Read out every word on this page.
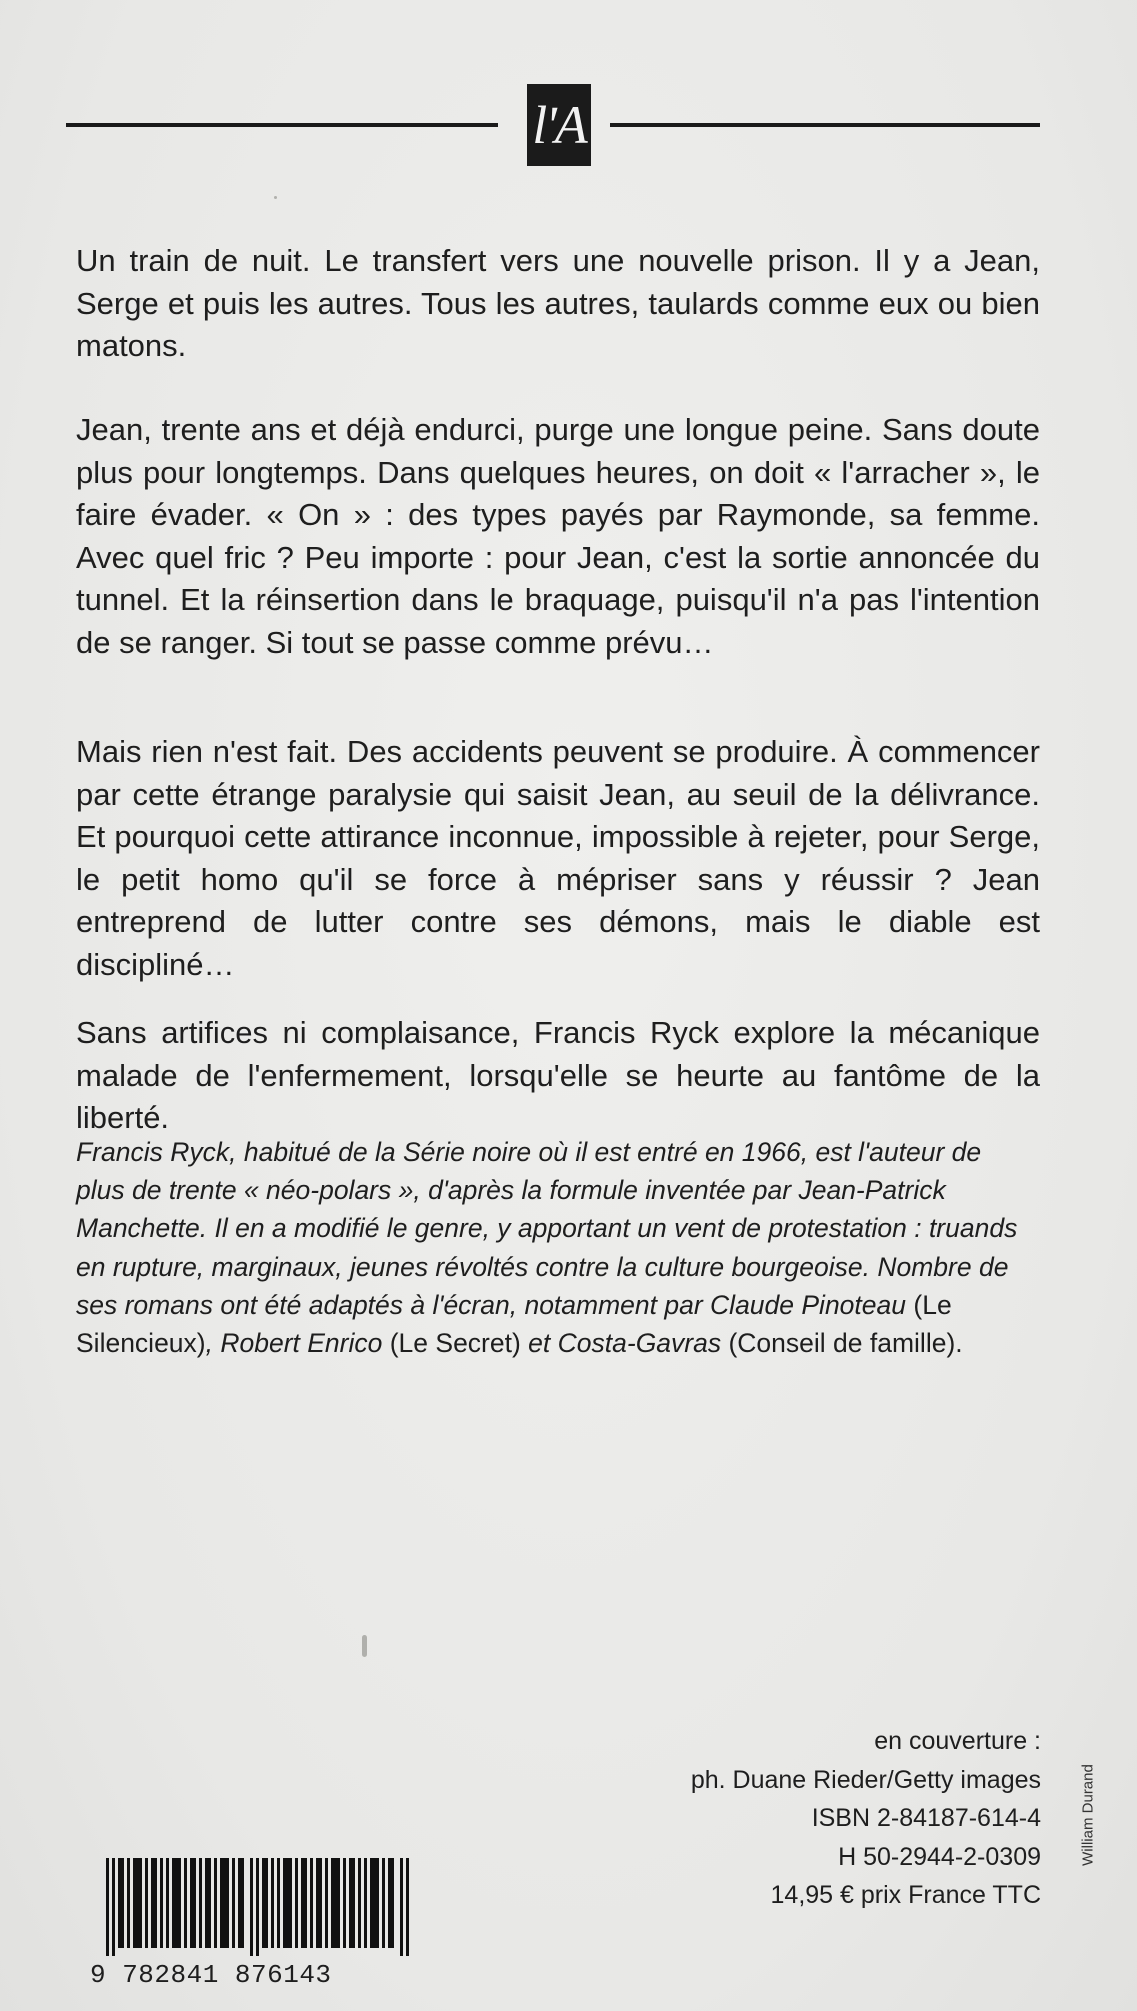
l'A

Un train de nuit. Le transfert vers une nouvelle prison. Il y a Jean, Serge et puis les autres. Tous les autres, taulards comme eux ou bien matons.

Jean, trente ans et déjà endurci, purge une longue peine. Sans doute plus pour longtemps. Dans quelques heures, on doit « l'arracher », le faire évader. « On » : des types payés par Raymonde, sa femme. Avec quel fric ? Peu importe : pour Jean, c'est la sortie annoncée du tunnel. Et la réinsertion dans le braquage, puisqu'il n'a pas l'intention de se ranger. Si tout se passe comme prévu…

Mais rien n'est fait. Des accidents peuvent se produire. À commencer par cette étrange paralysie qui saisit Jean, au seuil de la délivrance. Et pourquoi cette attirance inconnue, impossible à rejeter, pour Serge, le petit homo qu'il se force à mépriser sans y réussir ? Jean entreprend de lutter contre ses démons, mais le diable est discipliné…

Sans artifices ni complaisance, Francis Ryck explore la mécanique malade de l'enfermement, lorsqu'elle se heurte au fantôme de la liberté.

Francis Ryck, habitué de la Série noire où il est entré en 1966, est l'auteur de plus de trente « néo-polars », d'après la formule inventée par Jean-Patrick Manchette. Il en a modifié le genre, y apportant un vent de protestation : truands en rupture, marginaux, jeunes révoltés contre la culture bourgeoise. Nombre de ses romans ont été adaptés à l'écran, notamment par Claude Pinoteau (Le Silencieux), Robert Enrico (Le Secret) et Costa-Gavras (Conseil de famille).

en couverture :
ph. Duane Rieder/Getty images
ISBN 2-84187-614-4
H 50-2944-2-0309
14,95 € prix France TTC
William Durand
9 782841 876143
